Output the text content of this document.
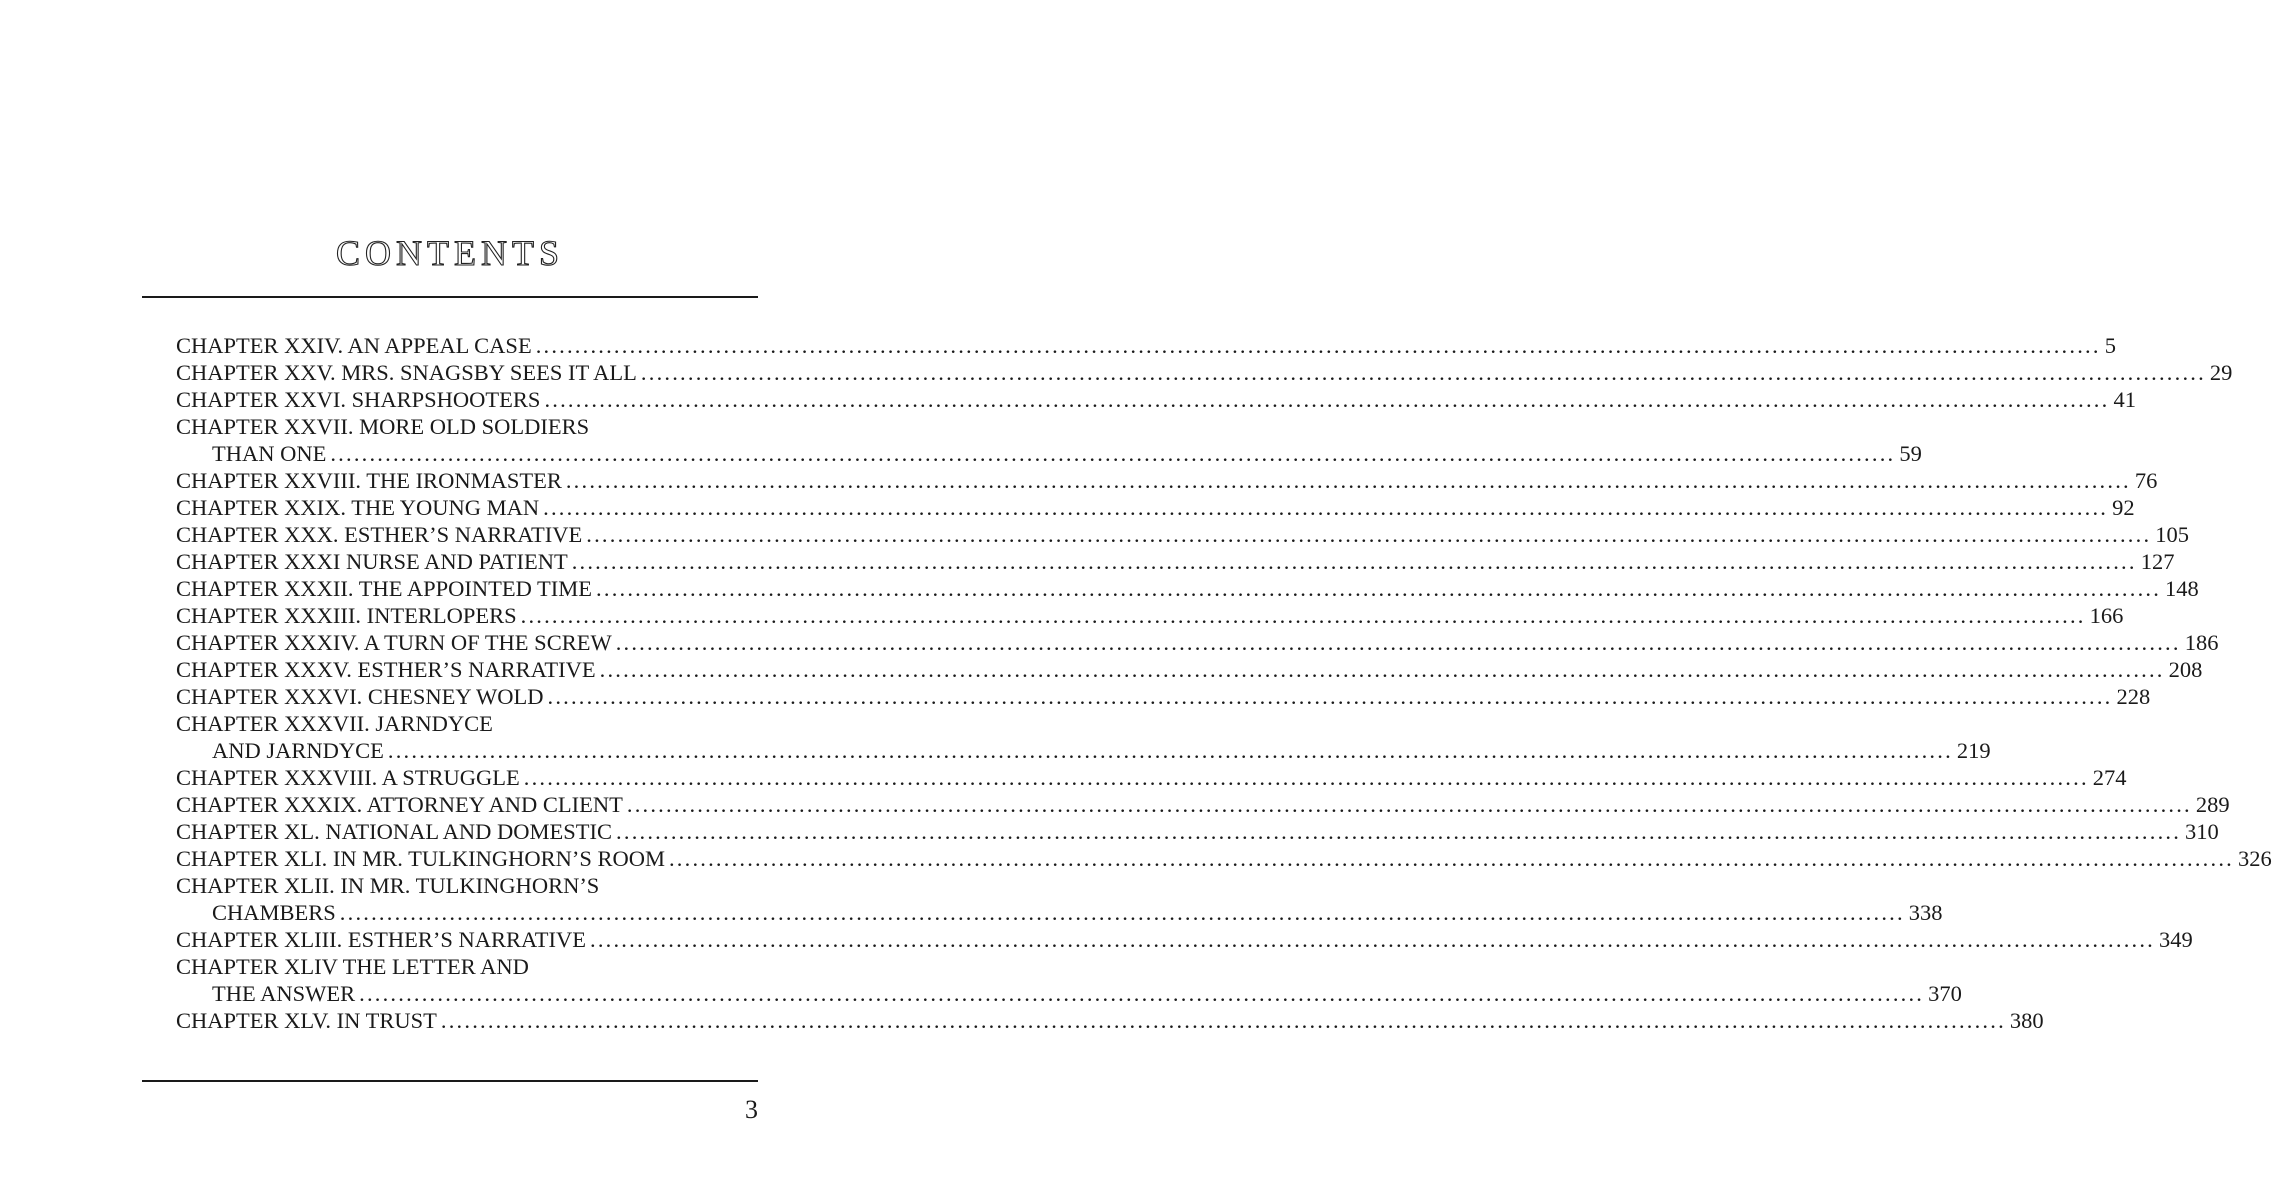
CONTENTS
CHAPTER XXIV. AN APPEAL CASE ........................................................................................................................................................................................................ 5
CHAPTER XXV. MRS. SNAGSBY SEES IT ALL ........................................................................................................................................................................................................ 29
CHAPTER XXVI. SHARPSHOOTERS ........................................................................................................................................................................................................ 41
CHAPTER XXVII. MORE OLD SOLDIERS
THAN ONE ........................................................................................................................................................................................................ 59
CHAPTER XXVIII. THE IRONMASTER ........................................................................................................................................................................................................ 76
CHAPTER XXIX. THE YOUNG MAN ........................................................................................................................................................................................................ 92
CHAPTER XXX. ESTHER’S NARRATIVE ........................................................................................................................................................................................................ 105
CHAPTER XXXI NURSE AND PATIENT ........................................................................................................................................................................................................ 127
CHAPTER XXXII. THE APPOINTED TIME ........................................................................................................................................................................................................ 148
CHAPTER XXXIII. INTERLOPERS ........................................................................................................................................................................................................ 166
CHAPTER XXXIV. A TURN OF THE SCREW ........................................................................................................................................................................................................ 186
CHAPTER XXXV. ESTHER’S NARRATIVE ........................................................................................................................................................................................................ 208
CHAPTER XXXVI. CHESNEY WOLD ........................................................................................................................................................................................................ 228
CHAPTER XXXVII. JARNDYCE
AND JARNDYCE ........................................................................................................................................................................................................ 219
CHAPTER XXXVIII. A STRUGGLE ........................................................................................................................................................................................................ 274
CHAPTER XXXIX. ATTORNEY AND CLIENT ........................................................................................................................................................................................................ 289
CHAPTER XL. NATIONAL AND DOMESTIC ........................................................................................................................................................................................................ 310
CHAPTER XLI. IN MR. TULKINGHORN’S ROOM ........................................................................................................................................................................................................ 326
CHAPTER XLII. IN MR. TULKINGHORN’S
CHAMBERS ........................................................................................................................................................................................................ 338
CHAPTER XLIII. ESTHER’S NARRATIVE ........................................................................................................................................................................................................ 349
CHAPTER XLIV THE LETTER AND
THE ANSWER ........................................................................................................................................................................................................ 370
CHAPTER XLV. IN TRUST ........................................................................................................................................................................................................ 380
3
